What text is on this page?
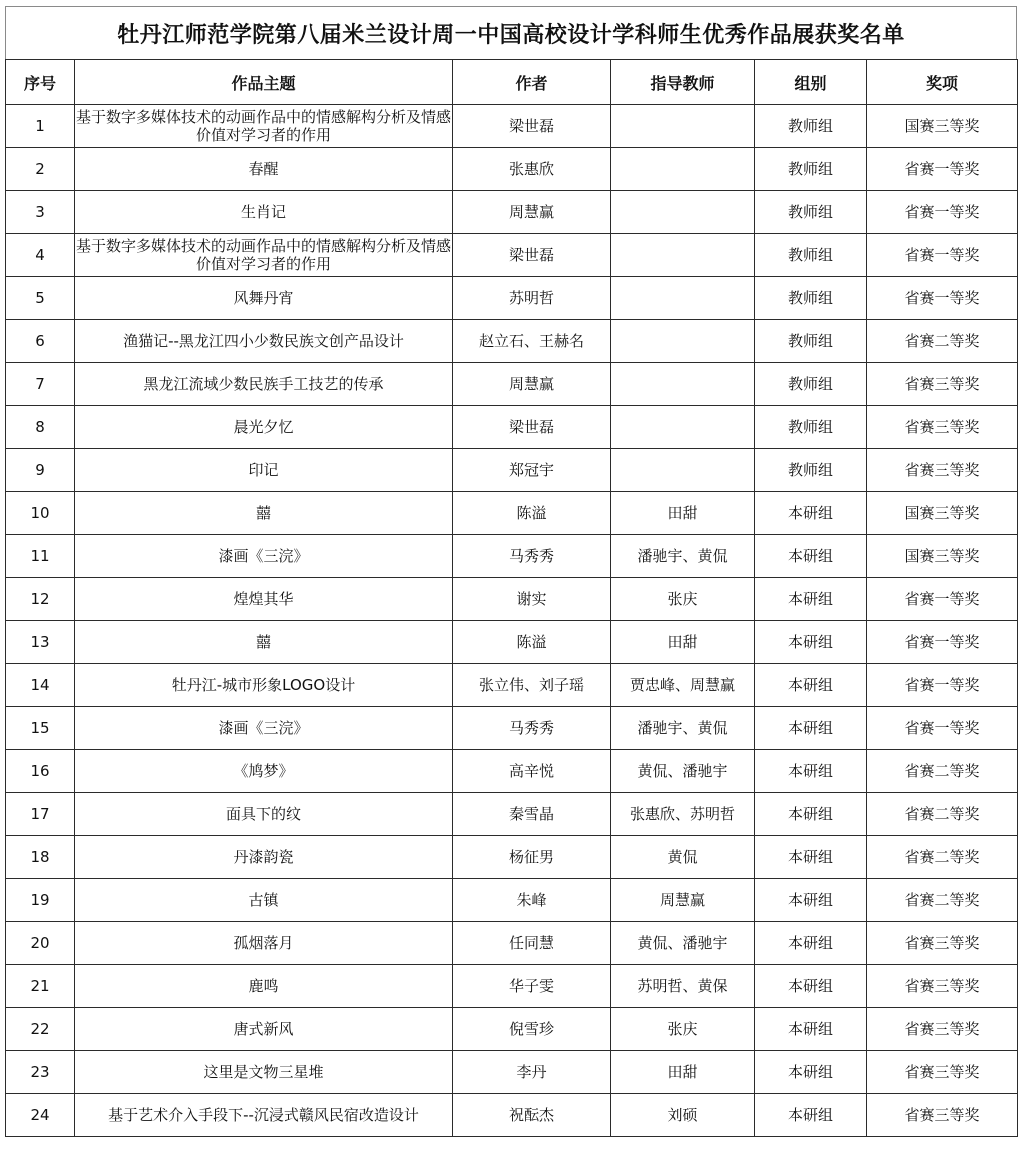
牡丹江师范学院第八届米兰设计周一中国高校设计学科师生优秀作品展获奖名单
序号	作品主题	作者	指导教师	组别	奖项
1	基于数字多媒体技术的动画作品中的情感解构分析及情感价值对学习者的作用	梁世磊		教师组	国赛三等奖
2	春醒	张惠欣		教师组	省赛一等奖
3	生肖记	周慧赢		教师组	省赛一等奖
4	基于数字多媒体技术的动画作品中的情感解构分析及情感价值对学习者的作用	梁世磊		教师组	省赛一等奖
5	风舞丹宵	苏明哲		教师组	省赛一等奖
6	渔猫记--黑龙江四小少数民族文创产品设计	赵立石、王赫名		教师组	省赛二等奖
7	黑龙江流域少数民族手工技艺的传承	周慧赢		教师组	省赛三等奖
8	晨光夕忆	梁世磊		教师组	省赛三等奖
9	印记	郑冠宇		教师组	省赛三等奖
10	囍	陈溢	田甜	本研组	国赛三等奖
11	漆画《三浣》	马秀秀	潘驰宇、黄侃	本研组	国赛三等奖
12	煌煌其华	谢实	张庆	本研组	省赛一等奖
13	囍	陈溢	田甜	本研组	省赛一等奖
14	牡丹江-城市形象LOGO设计	张立伟、刘子瑶	贾忠峰、周慧赢	本研组	省赛一等奖
15	漆画《三浣》	马秀秀	潘驰宇、黄侃	本研组	省赛一等奖
16	《鸠梦》	高辛悦	黄侃、潘驰宇	本研组	省赛二等奖
17	面具下的纹	秦雪晶	张惠欣、苏明哲	本研组	省赛二等奖
18	丹漆韵瓷	杨征男	黄侃	本研组	省赛二等奖
19	古镇	朱峰	周慧赢	本研组	省赛二等奖
20	孤烟落月	任同慧	黄侃、潘驰宇	本研组	省赛三等奖
21	鹿鸣	华子雯	苏明哲、黄保	本研组	省赛三等奖
22	唐式新风	倪雪珍	张庆	本研组	省赛三等奖
23	这里是文物三星堆	李丹	田甜	本研组	省赛三等奖
24	基于艺术介入手段下--沉浸式赣风民宿改造设计	祝酝杰	刘硕	本研组	省赛三等奖
